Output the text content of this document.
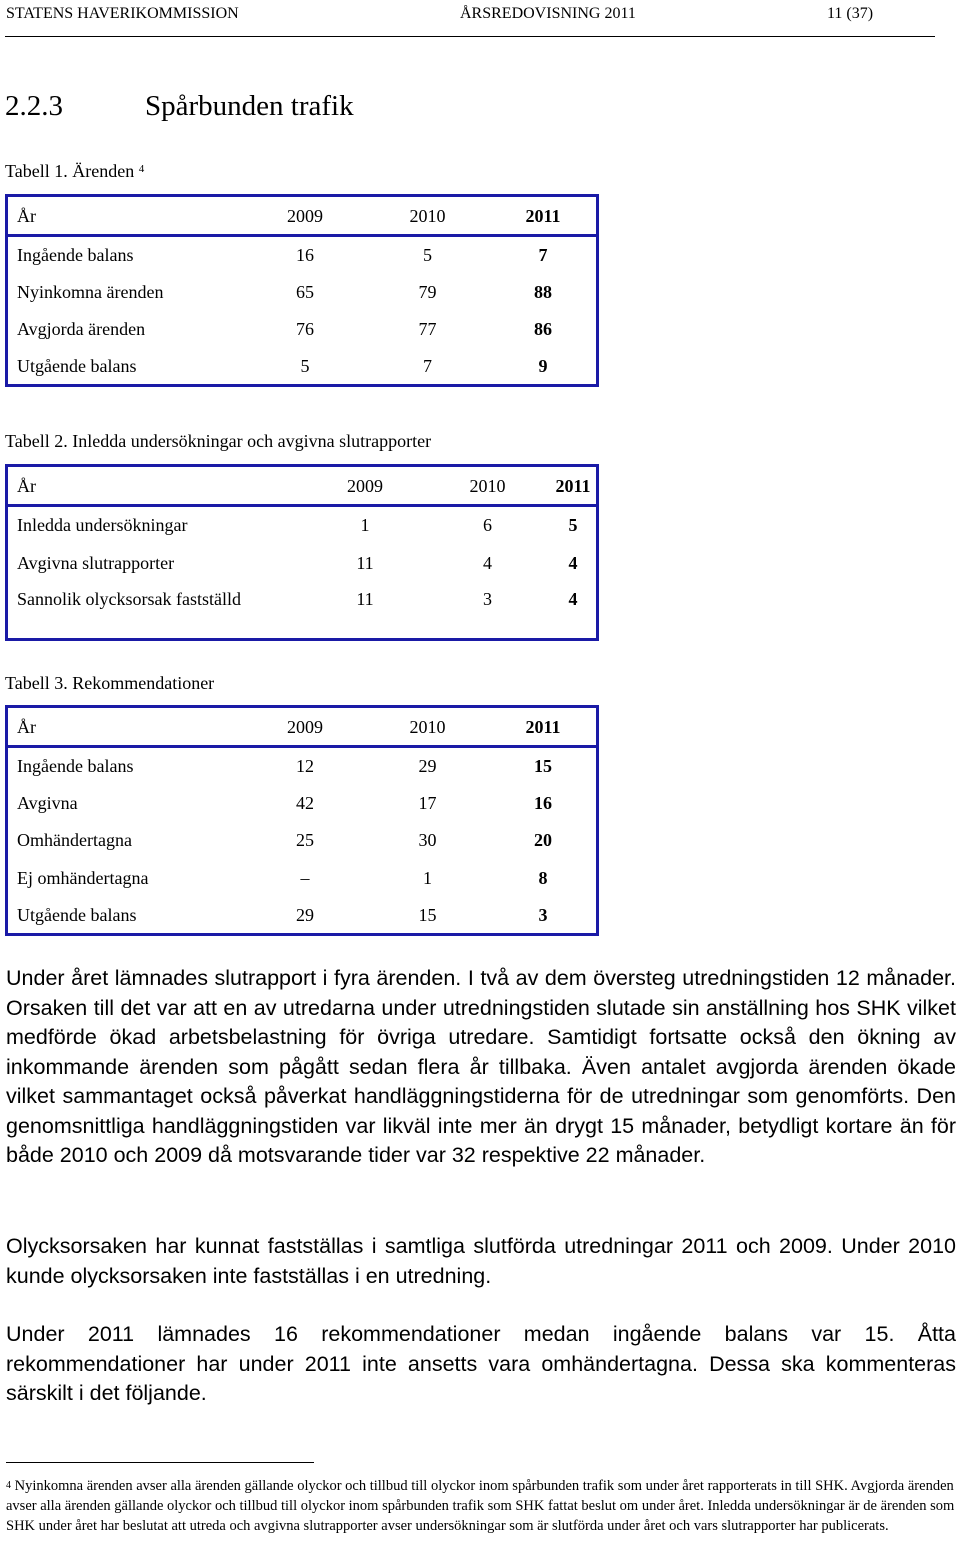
STATENS HAVERIKOMMISSION	ÅRSREDOVISNING 2011	11 (37)
2.2.3	Spårbunden trafik
Tabell 1. Ärenden $^4$
År	2009	2010	2011
Ingående balans	16	5	7
Nyinkomna ärenden	65	79	88
Avgjorda ärenden	76	77	86
Utgående balans	5	7	9
Tabell 2. Inledda undersökningar och avgivna slutrapporter
År	2009	2010	2011
Inledda undersökningar	1	6	5
Avgivna slutrapporter	11	4	4
Sannolik olycksorsak fastställd	11	3	4
Tabell 3. Rekommendationer
År	2009	2010	2011
Ingående balans	12	29	15
Avgivna	42	17	16
Omhändertagna	25	30	20
Ej omhändertagna	–	1	8
Utgående balans	29	15	3
Under året lämnades slutrapport i fyra ärenden. I två av dem översteg utredningstiden 12 månader. Orsaken till det var att en av utredarna under utredningstiden slutade sin anställning hos SHK vilket medförde ökad arbetsbelastning för övriga utredare. Samtidigt fortsatte också den ökning av inkommande ärenden som pågått sedan flera år tillbaka. Även antalet avgjorda ärenden ökade vilket sammantaget också påverkat handläggningstiderna för de utredningar som genomförts. Den genomsnittliga handläggningstiden var likväl inte mer än drygt 15 månader, betydligt kortare än för både 2010 och 2009 då motsvarande tider var 32 respektive 22 månader.
Olycksorsaken har kunnat fastställas i samtliga slutförda utredningar 2011 och 2009. Under 2010 kunde olycksorsaken inte fastställas i en utredning.
Under 2011 lämnades 16 rekommendationer medan ingående balans var 15. Åtta rekommendationer har under 2011 inte ansetts vara omhändertagna. Dessa ska kommenteras särskilt i det följande.
$^4$ Nyinkomna ärenden avser alla ärenden gällande olyckor och tillbud till olyckor inom spårbunden trafik som under året rapporterats in till SHK. Avgjorda ärenden avser alla ärenden gällande olyckor och tillbud till olyckor inom spårbunden trafik som SHK fattat beslut om under året. Inledda undersökningar är de ärenden som SHK under året har beslutat att utreda och avgivna slutrapporter avser undersökningar som är slutförda under året och vars slutrapporter har publicerats.
